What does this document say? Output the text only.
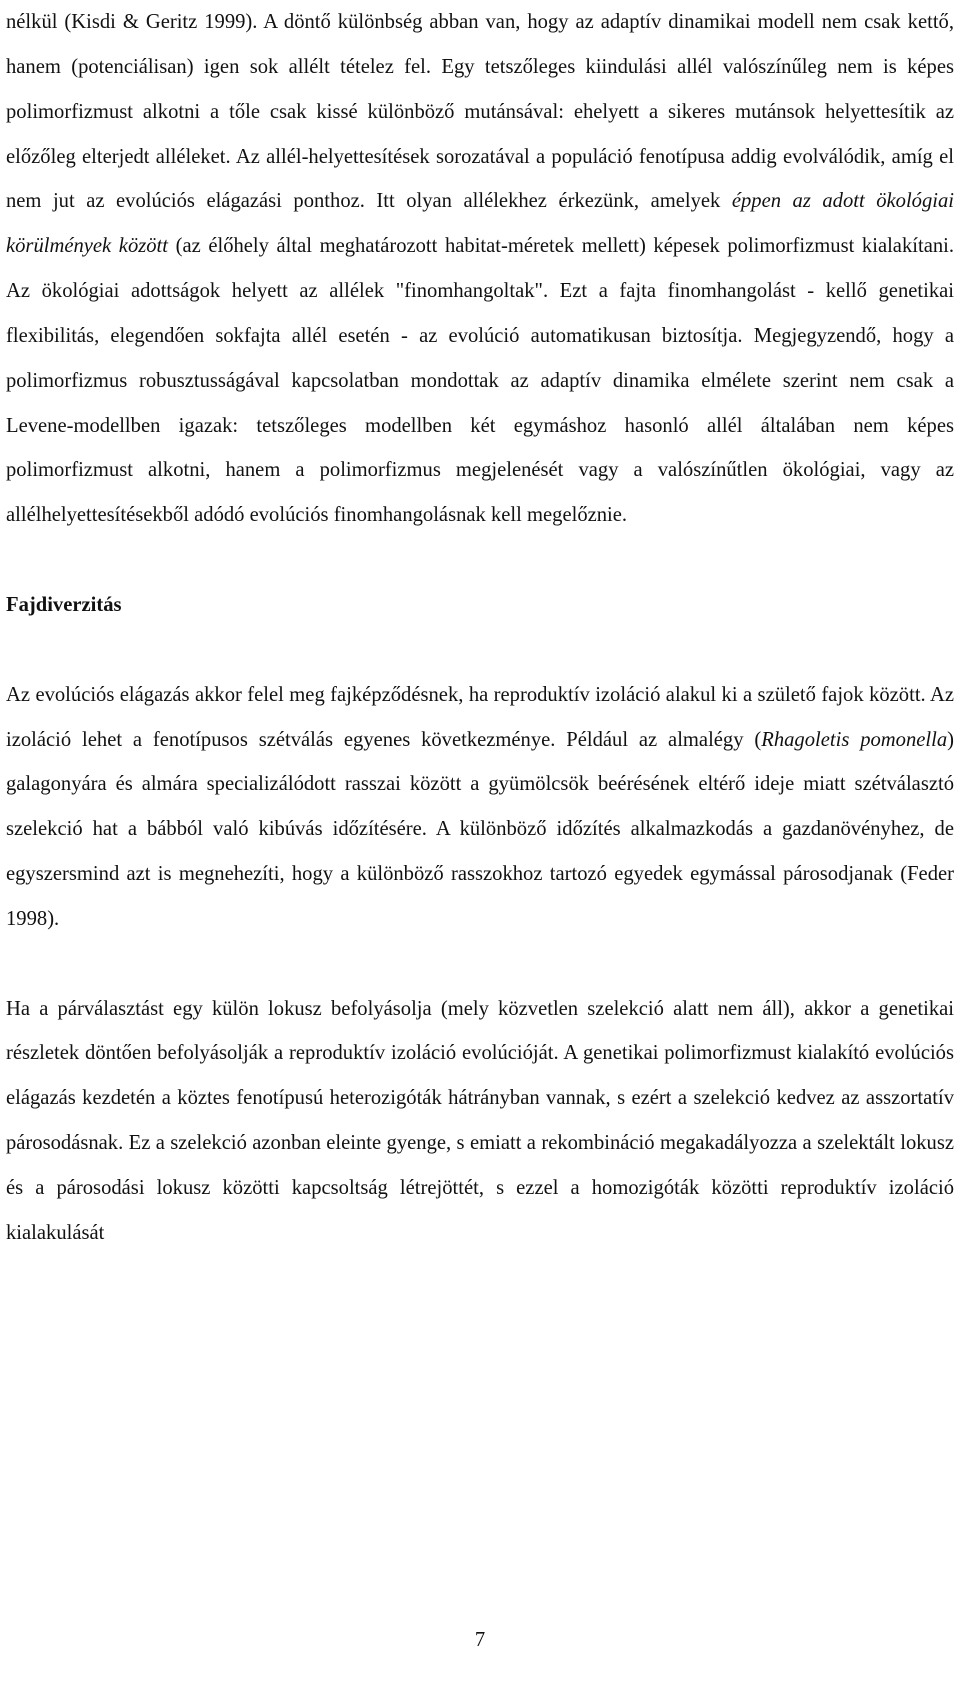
nélkül (Kisdi & Geritz 1999). A döntő különbség abban van, hogy az adaptív dinamikai modell nem csak kettő, hanem (potenciálisan) igen sok allélt tételez fel. Egy tetszőleges kiindulási allél valószínűleg nem is képes polimorfizmust alkotni a tőle csak kissé különböző mutánsával: ehelyett a sikeres mutánsok helyettesítik az előzőleg elterjedt alléleket. Az allél-helyettesítések sorozatával a populáció fenotípusa addig evolválódik, amíg el nem jut az evolúciós elágazási ponthoz. Itt olyan allélekhez érkezünk, amelyek éppen az adott ökológiai körülmények között (az élőhely által meghatározott habitat-méretek mellett) képesek polimorfizmust kialakítani. Az ökológiai adottságok helyett az allélek "finomhangoltak". Ezt a fajta finomhangolást - kellő genetikai flexibilitás, elegendően sokfajta allél esetén - az evolúció automatikusan biztosítja. Megjegyzendő, hogy a polimorfizmus robusztusságával kapcsolatban mondottak az adaptív dinamika elmélete szerint nem csak a Levene-modellben igazak: tetszőleges modellben két egymáshoz hasonló allél általában nem képes polimorfizmust alkotni, hanem a polimorfizmus megjelenését vagy a valószínűtlen ökológiai, vagy az allélhelyettesítésekből adódó evolúciós finomhangolásnak kell megelőznie.

Fajdiverzitás

Az evolúciós elágazás akkor felel meg fajképződésnek, ha reproduktív izoláció alakul ki a születő fajok között. Az izoláció lehet a fenotípusos szétválás egyenes következménye. Például az almalégy (Rhagoletis pomonella) galagonyára és almára specializálódott rasszai között a gyümölcsök beérésének eltérő ideje miatt szétválasztó szelekció hat a bábból való kibúvás időzítésére. A különböző időzítés alkalmazkodás a gazdanövényhez, de egyszersmind azt is megnehezíti, hogy a különböző rasszokhoz tartozó egyedek egymással párosodjanak (Feder 1998).

Ha a párválasztást egy külön lokusz befolyásolja (mely közvetlen szelekció alatt nem áll), akkor a genetikai részletek döntően befolyásolják a reproduktív izoláció evolúcióját. A genetikai polimorfizmust kialakító evolúciós elágazás kezdetén a köztes fenotípusú heterozigóták hátrányban vannak, s ezért a szelekció kedvez az asszortatív párosodásnak. Ez a szelekció azonban eleinte gyenge, s emiatt a rekombináció megakadályozza a szelektált lokusz és a párosodási lokusz közötti kapcsoltság létrejöttét, s ezzel a homozigóták közötti reproduktív izoláció kialakulását

7
